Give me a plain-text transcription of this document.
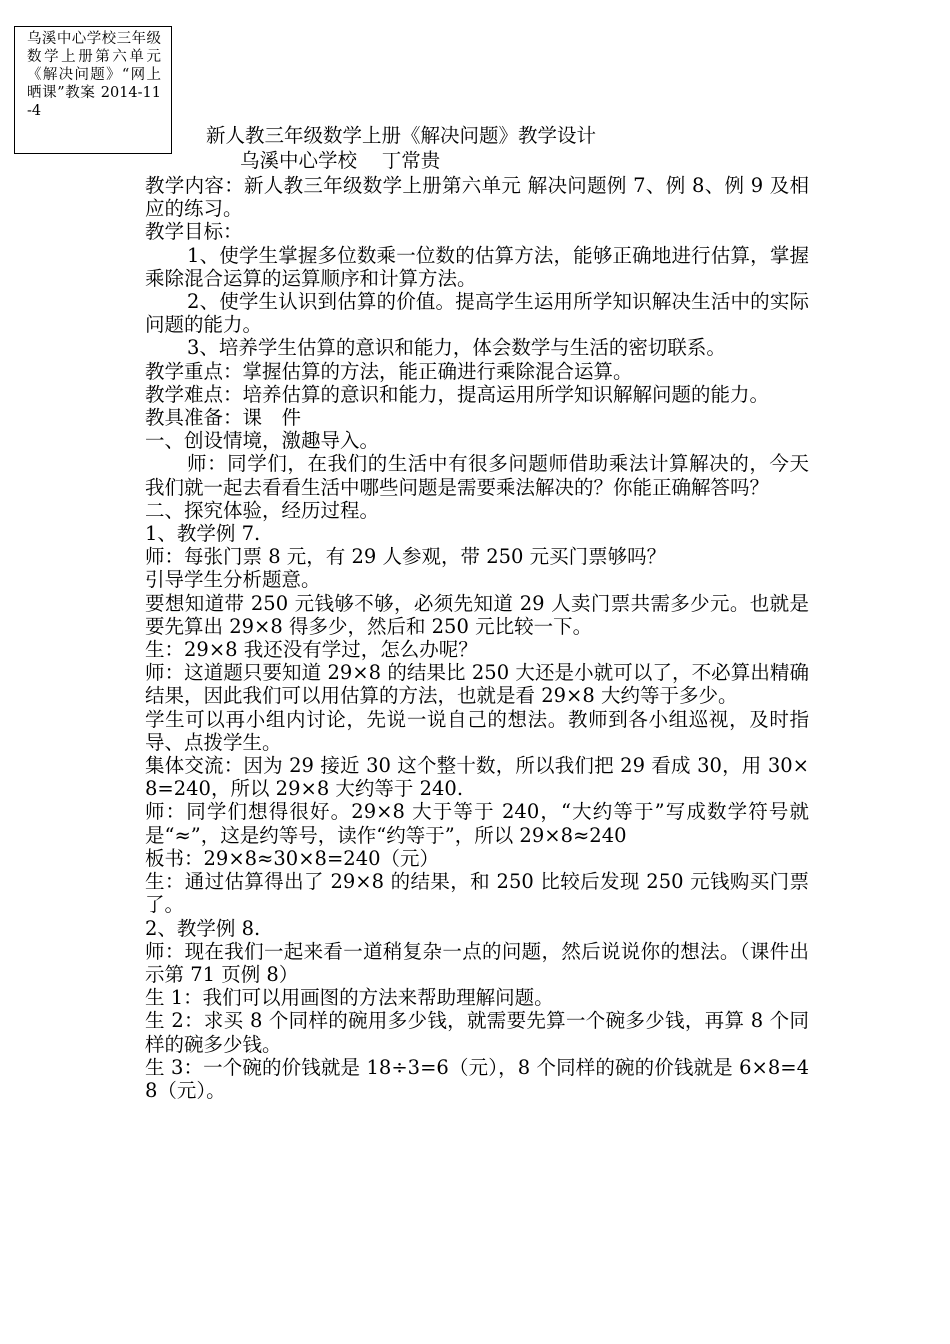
乌溪中心学校三年级数学上册第六单元《解决问题》“网上晒课”教案 2014-11-4
新人教三年级数学上册《解决问题》教学设计
乌溪中心学校    丁常贵

教学内容：新人教三年级数学上册第六单元 解决问题例 7、例 8、例 9 及相应的练习。

教学目标：

1、使学生掌握多位数乘一位数的估算方法，能够正确地进行估算，掌握乘除混合运算的运算顺序和计算方法。

2、使学生认识到估算的价值。提高学生运用所学知识解决生活中的实际问题的能力。

3、培养学生估算的意识和能力，体会数学与生活的密切联系。

教学重点：掌握估算的方法，能正确进行乘除混合运算。

教学难点：培养估算的意识和能力，提高运用所学知识解解问题的能力。

教具准备：课　件

一、创设情境，激趣导入。

师：同学们，在我们的生活中有很多问题师借助乘法计算解决的，今天我们就一起去看看生活中哪些问题是需要乘法解决的？你能正确解答吗？

二、探究体验，经历过程。

1、教学例 7.

师：每张门票 8 元，有 29 人参观，带 250 元买门票够吗？

引导学生分析题意。

要想知道带 250 元钱够不够，必须先知道 29 人卖门票共需多少元。也就是要先算出 29×8 得多少，然后和 250 元比较一下。

生：29×8 我还没有学过，怎么办呢？

师：这道题只要知道 29×8 的结果比 250 大还是小就可以了，不必算出精确结果，因此我们可以用估算的方法，也就是看 29×8 大约等于多少。

学生可以再小组内讨论，先说一说自己的想法。教师到各小组巡视，及时指导、点拨学生。

集体交流：因为 29 接近 30 这个整十数，所以我们把 29 看成 30，用 30×8=240，所以 29×8 大约等于 240.

师：同学们想得很好。29×8 大于等于 240，“大约等于”写成数学符号就是“≈”，这是约等号，读作“约等于”，所以 29×8≈240

板书：29×8≈30×8=240（元）

生：通过估算得出了 29×8 的结果，和 250 比较后发现 250 元钱购买门票了。

2、教学例 8.

师：现在我们一起来看一道稍复杂一点的问题，然后说说你的想法。（课件出示第 71 页例 8）

生 1：我们可以用画图的方法来帮助理解问题。

生 2：求买 8 个同样的碗用多少钱，就需要先算一个碗多少钱，再算 8 个同样的碗多少钱。

生 3：一个碗的价钱就是 18÷3=6（元），8 个同样的碗的价钱就是 6×8=48（元）。
